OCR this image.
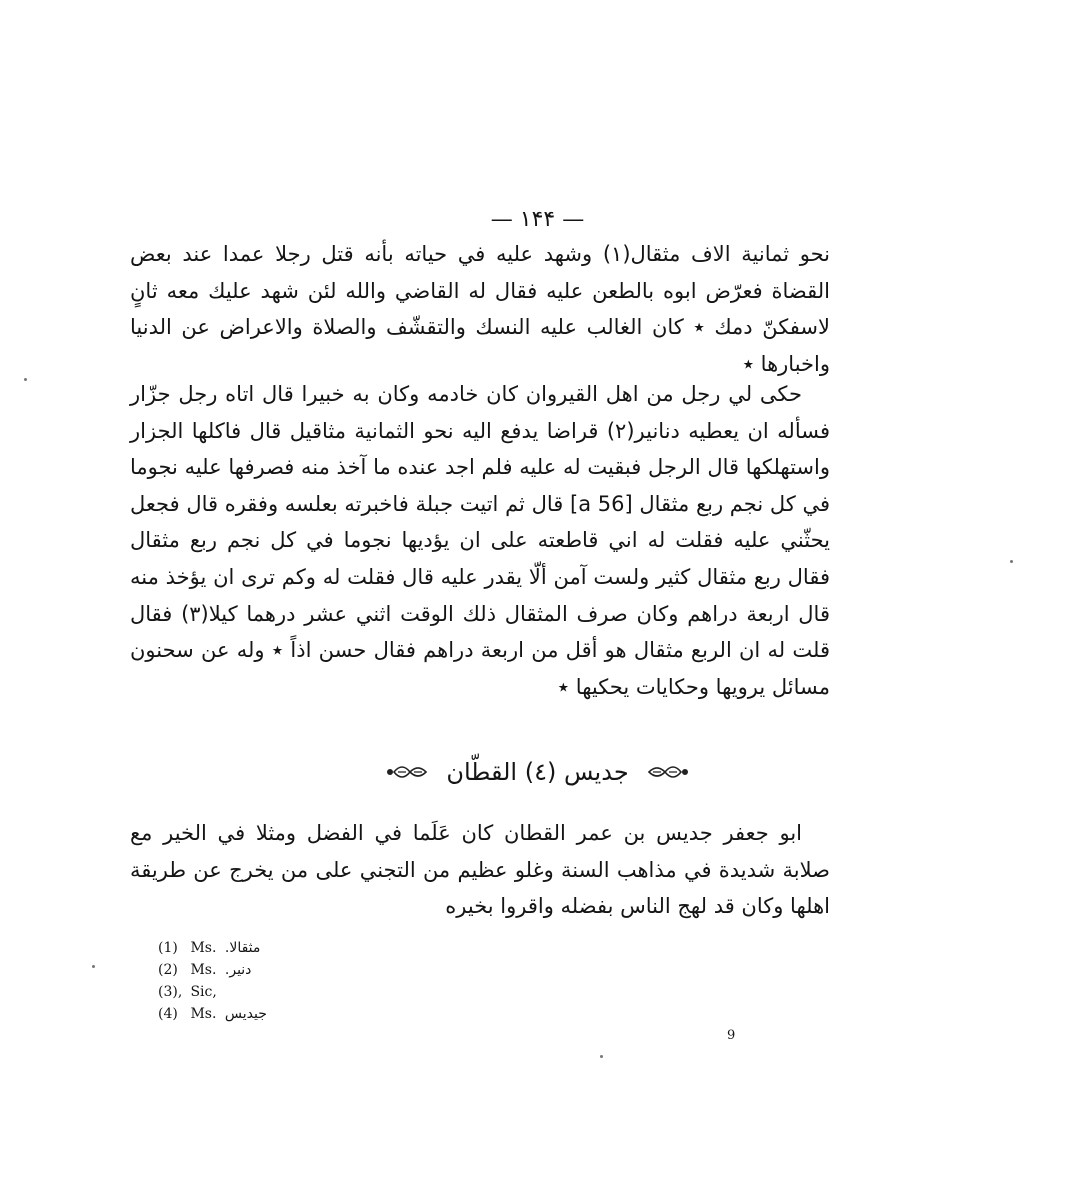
— ۱۴۴ —

نحو ثمانية الاف مثقال(١) وشهد عليه في حياته بأنه قتل رجلا عمدا عند بعض القضاة فعرّض ابوه بالطعن عليه فقال له القاضي والله لئن شهد عليك معه ثانٍ لاسفكنّ دمك ٭ كان الغالب عليه النسك والتقشّف والصلاة والاعراض عن الدنيا واخبارها ٭

حكى لي رجل من اهل القيروان كان خادمه وكان به خبيرا قال اتاه رجل جزّار فسأله ان يعطيه دنانير(٢) قراضا يدفع اليه نحو الثمانية مثاقيل قال فاكلها الجزار واستهلكها قال الرجل فبقيت له عليه فلم اجد عنده ما آخذ منه فصرفها عليه نجوما في كل نجم ربع مثقال [56 a] قال ثم اتيت جبلة فاخبرته بعلسه وفقره قال فجعل يحثّني عليه فقلت له اني قاطعته على ان يؤديها نجوما في كل نجم ربع مثقال فقال ربع مثقال كثير ولست آمن ألّا يقدر عليه قال فقلت له وكم ترى ان يؤخذ منه قال اربعة دراهم وكان صرف المثقال ذلك الوقت اثني عشر درهما كيلا(٣) فقال قلت له ان الربع مثقال هو أقل من اربعة دراهم فقال حسن اذاً ٭ وله عن سحنون مسائل يرويها وحكايات يحكيها ٭

جديس (٤) القطّان

ابو جعفر جديس بن عمر القطان كان عَلَما في الفضل ومثلا في الخير مع صلابة شديدة في مذاهب السنة وغلو عظيم من التجني على من يخرج عن طريقة اهلها وكان قد لهج الناس بفضله واقروا بخيره

(1) Ms. مثقالا.
(2) Ms. دنير.
(3), Sic,
(4) Ms. جيديس
9
